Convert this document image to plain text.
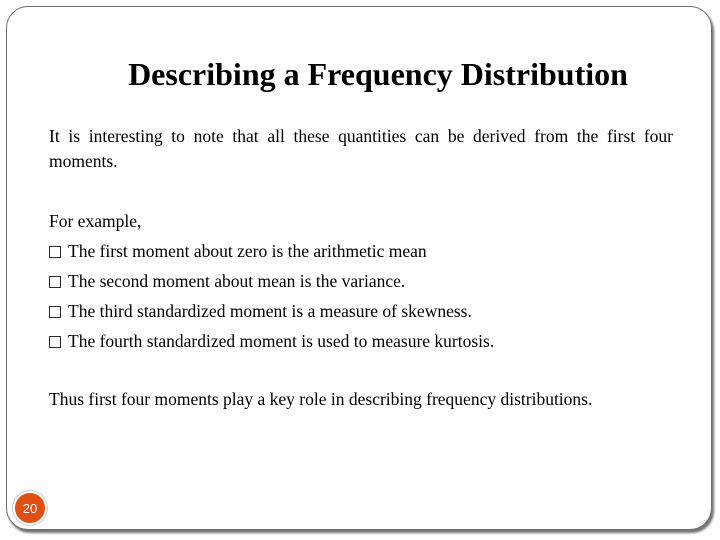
Describing a Frequency Distribution
It is interesting to note that all these quantities can be derived from the first four moments.
For example,
The first moment about zero is the arithmetic mean
The second moment about mean is the variance.
The third standardized moment is a measure of skewness.
The fourth standardized moment is used to measure kurtosis.
Thus first four moments play a key role in describing frequency distributions.
20
